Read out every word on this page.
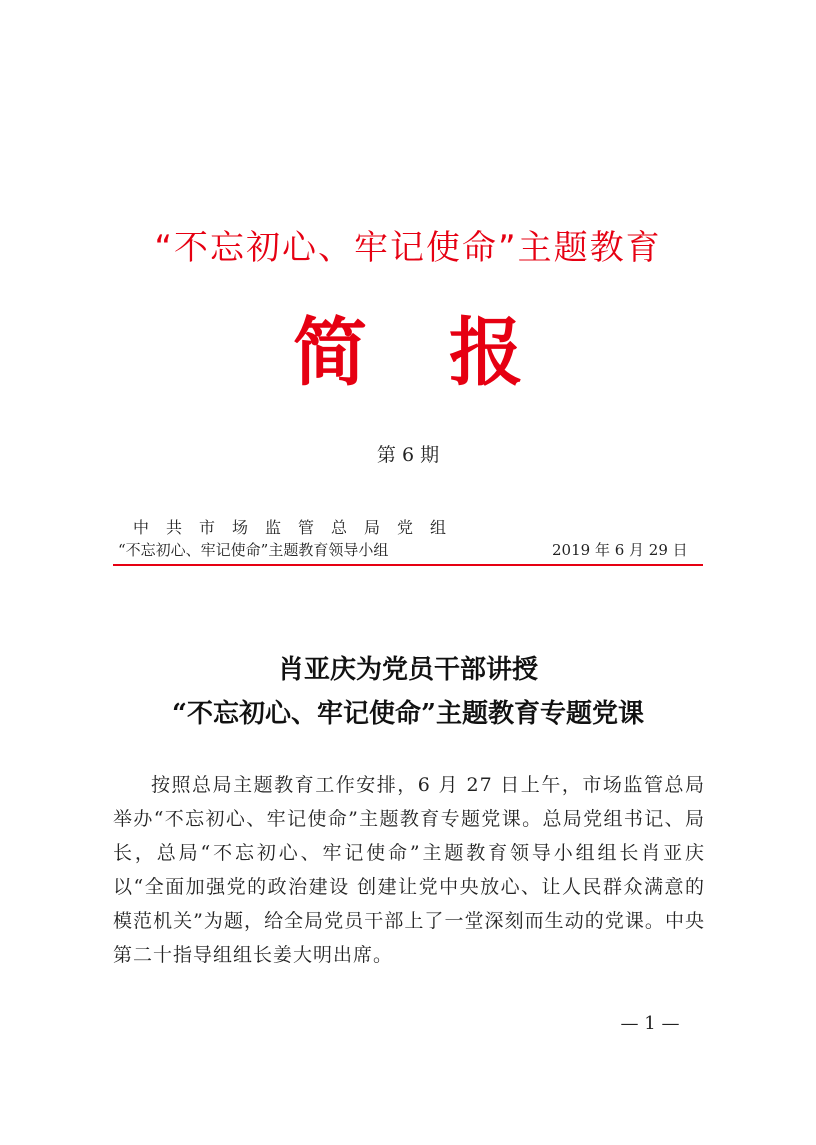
“不忘初心、牢记使命”主题教育
简 报
第 6 期
中共市场监管总局党组
“不忘初心、牢记使命”主题教育领导小组	2019 年 6 月 29 日
肖亚庆为党员干部讲授
“不忘初心、牢记使命”主题教育专题党课

按照总局主题教育工作安排，6 月 27 日上午，市场监管总局举办“不忘初心、牢记使命”主题教育专题党课。总局党组书记、局长，总局“不忘初心、牢记使命”主题教育领导小组组长肖亚庆以“全面加强党的政治建设 创建让党中央放心、让人民群众满意的模范机关”为题，给全局党员干部上了一堂深刻而生动的党课。中央第二十指导组组长姜大明出席。

— 1 —
